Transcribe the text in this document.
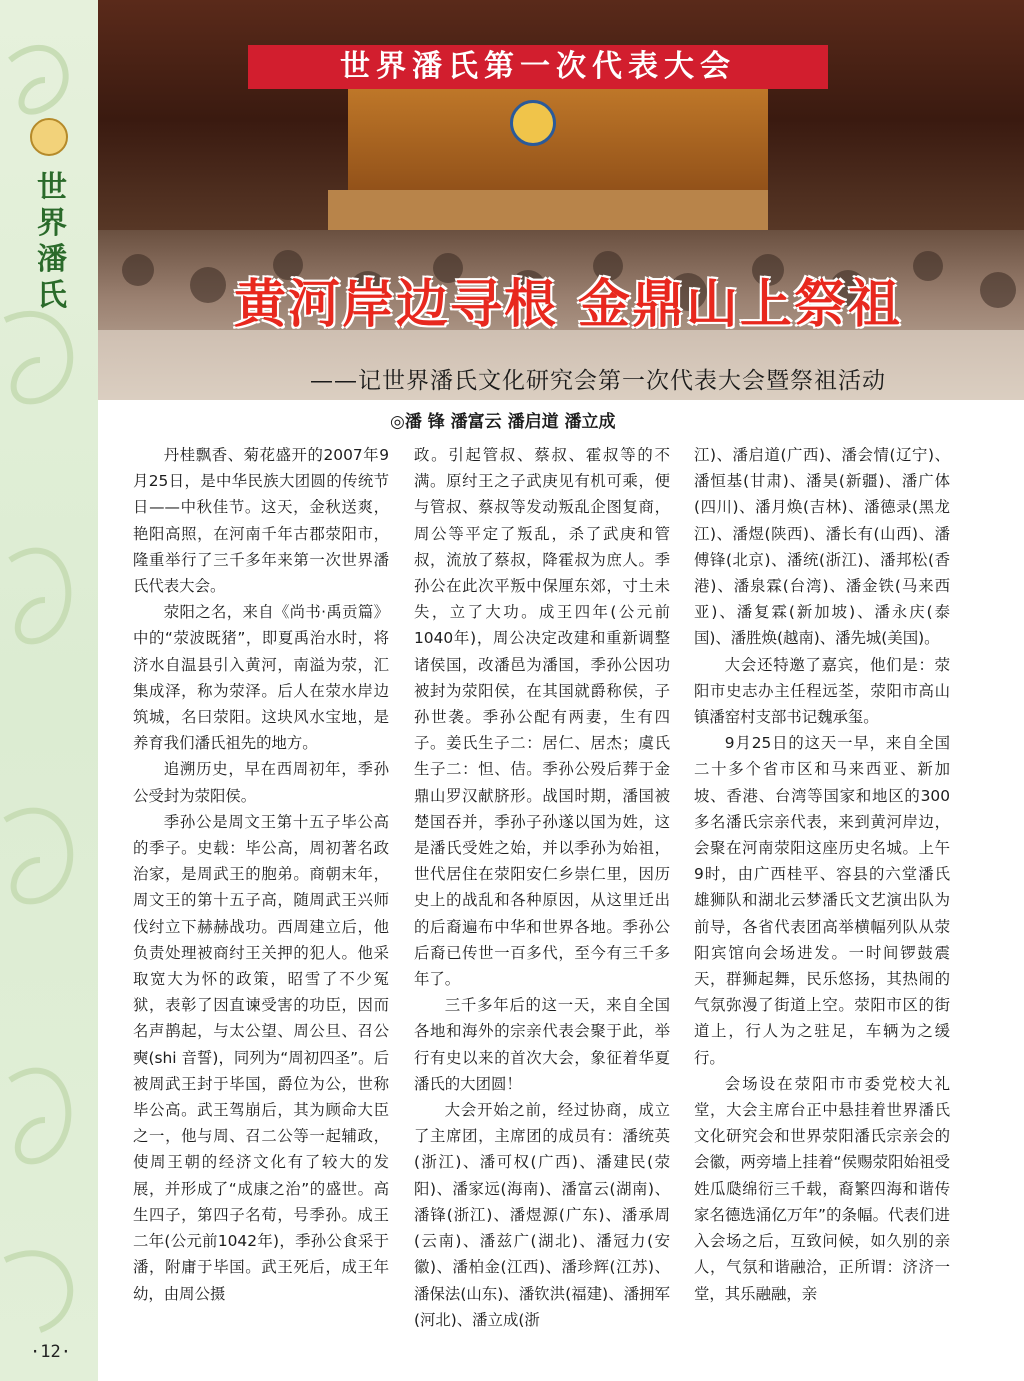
世界潘氏
·12·
世界潘氏第一次代表大会
黄河岸边寻根 金鼎山上祭祖
——记世界潘氏文化研究会第一次代表大会暨祭祖活动
◎潘 锋 潘富云 潘启道 潘立成

丹桂飘香、菊花盛开的2007年9月25日，是中华民族大团圆的传统节日——中秋佳节。这天，金秋送爽，艳阳高照，在河南千年古郡荥阳市，隆重举行了三千多年来第一次世界潘氏代表大会。

荥阳之名，来自《尚书·禹贡篇》中的“荥波既猪”，即夏禹治水时，将济水自温县引入黄河，南溢为荥，汇集成泽，称为荥泽。后人在荥水岸边筑城，名曰荥阳。这块风水宝地，是养育我们潘氏祖先的地方。

追溯历史，早在西周初年，季孙公受封为荥阳侯。

季孙公是周文王第十五子毕公高的季子。史载：毕公高，周初著名政治家，是周武王的胞弟。商朝末年，周文王的第十五子高，随周武王兴师伐纣立下赫赫战功。西周建立后，他负责处理被商纣王关押的犯人。他采取宽大为怀的政策，昭雪了不少冤狱，表彰了因直谏受害的功臣，因而名声鹊起，与太公望、周公旦、召公奭(shi 音誓)，同列为“周初四圣”。后被周武王封于毕国，爵位为公，世称毕公高。武王驾崩后，其为顾命大臣之一，他与周、召二公等一起辅政，使周王朝的经济文化有了较大的发展，并形成了“成康之治”的盛世。高生四子，第四子名荀，号季孙。成王二年(公元前1042年)，季孙公食采于潘，附庸于毕国。武王死后，成王年幼，由周公摄

政。引起管叔、蔡叔、霍叔等的不满。原纣王之子武庚见有机可乘，便与管叔、蔡叔等发动叛乱企图复商，周公等平定了叛乱，杀了武庚和管叔，流放了蔡叔，降霍叔为庶人。季孙公在此次平叛中保厘东郊，寸土未失，立了大功。成王四年(公元前1040年)，周公决定改建和重新调整诸侯国，改潘邑为潘国，季孙公因功被封为荥阳侯，在其国就爵称侯，子孙世袭。季孙公配有两妻，生有四子。姜氏生子二：居仁、居杰；虞氏生子二：怛、佶。季孙公殁后葬于金鼎山罗汉献脐形。战国时期，潘国被楚国吞并，季孙子孙遂以国为姓，这是潘氏受姓之始，并以季孙为始祖，世代居住在荥阳安仁乡崇仁里，因历史上的战乱和各种原因，从这里迁出的后裔遍布中华和世界各地。季孙公后裔已传世一百多代，至今有三千多年了。

三千多年后的这一天，来自全国各地和海外的宗亲代表会聚于此，举行有史以来的首次大会，象征着华夏潘氏的大团圆！

大会开始之前，经过协商，成立了主席团，主席团的成员有：潘统英(浙江)、潘可权(广西)、潘建民(荥阳)、潘家远(海南)、潘富云(湖南)、潘锋(浙江)、潘煜源(广东)、潘承周(云南)、潘兹广(湖北)、潘冠力(安徽)、潘柏金(江西)、潘珍辉(江苏)、潘保法(山东)、潘钦洪(福建)、潘拥军(河北)、潘立成(浙

江)、潘启道(广西)、潘会情(辽宁)、潘恒基(甘肃)、潘昊(新疆)、潘广体(四川)、潘月焕(吉林)、潘德录(黑龙江)、潘煜(陕西)、潘长有(山西)、潘傅锋(北京)、潘统(浙江)、潘邦松(香港)、潘泉霖(台湾)、潘金铁(马来西亚)、潘复霖(新加坡)、潘永庆(泰国)、潘胜焕(越南)、潘先城(美国)。

大会还特邀了嘉宾，他们是：荥阳市史志办主任程远荃，荥阳市高山镇潘窑村支部书记魏承玺。

9月25日的这天一早，来自全国二十多个省市区和马来西亚、新加坡、香港、台湾等国家和地区的300多名潘氏宗亲代表，来到黄河岸边，会聚在河南荥阳这座历史名城。上午9时，由广西桂平、容县的六堂潘氏雄狮队和湖北云梦潘氏文艺演出队为前导，各省代表团高举横幅列队从荥阳宾馆向会场进发。一时间锣鼓震天，群狮起舞，民乐悠扬，其热闹的气氛弥漫了街道上空。荥阳市区的街道上，行人为之驻足，车辆为之缓行。

会场设在荥阳市市委党校大礼堂，大会主席台正中悬挂着世界潘氏文化研究会和世界荥阳潘氏宗亲会的会徽，两旁墙上挂着“侯赐荥阳始祖受姓瓜瓞绵衍三千载，裔繁四海和谐传家名德选涌亿万年”的条幅。代表们进入会场之后，互致问候，如久别的亲人，气氛和谐融洽，正所谓：济济一堂，其乐融融，亲
